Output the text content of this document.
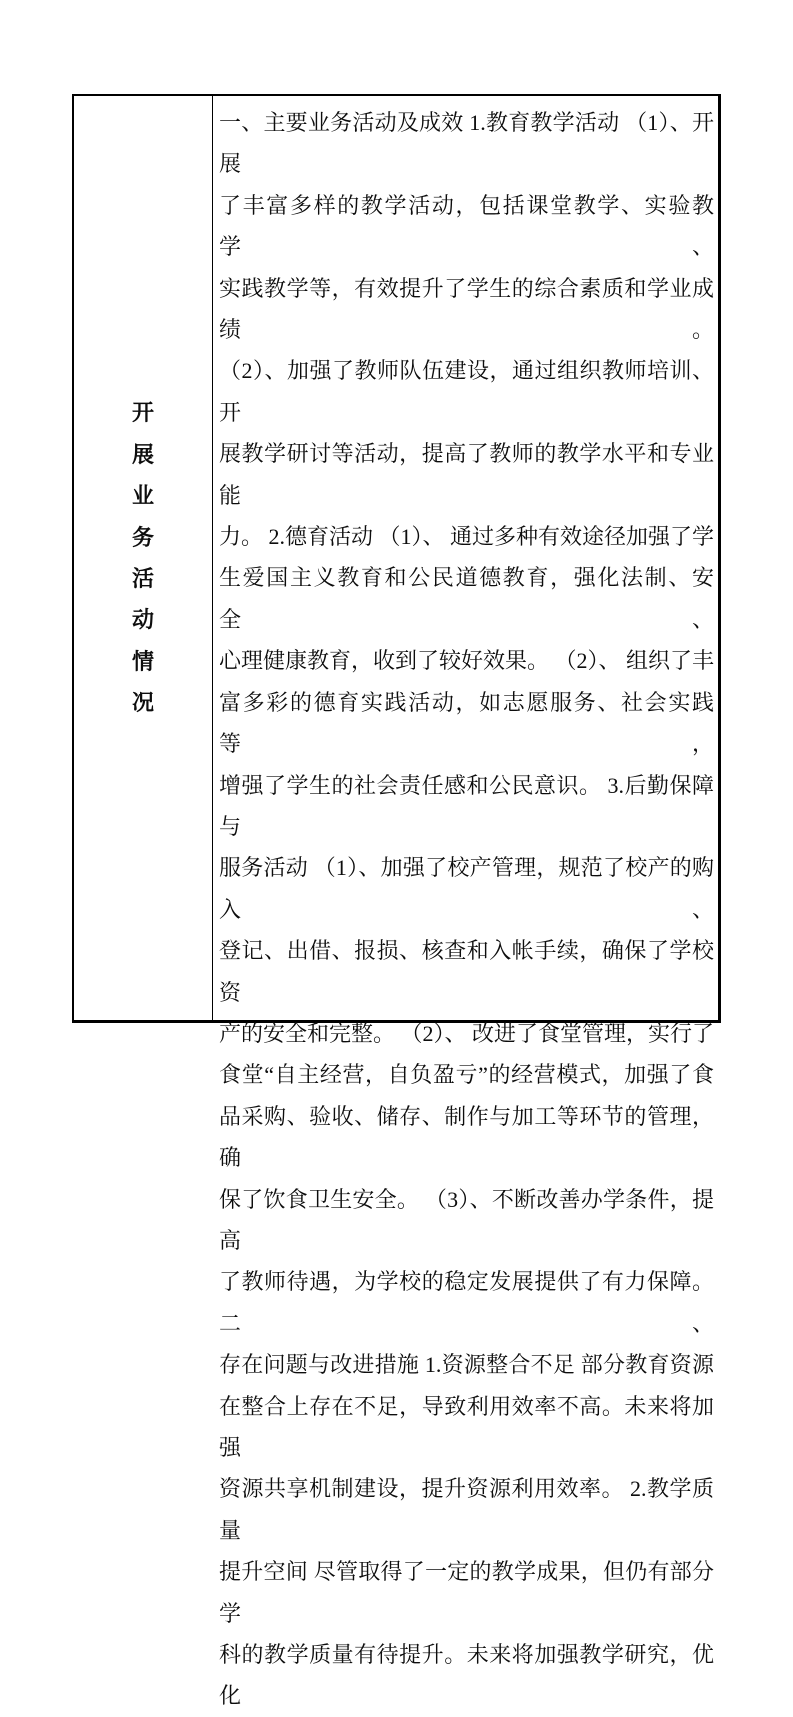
开
展
业
务
活
动
情
况
一、主要业务活动及成效 1.教育教学活动 （1）、开展
了丰富多样的教学活动，包括课堂教学、实验教学、
实践教学等，有效提升了学生的综合素质和学业成绩。
（2）、加强了教师队伍建设，通过组织教师培训、开
展教学研讨等活动，提高了教师的教学水平和专业能
力。 2.德育活动 （1）、 通过多种有效途径加强了学
生爱国主义教育和公民道德教育，强化法制、安全、
心理健康教育，收到了较好效果。 （2）、 组织了丰
富多彩的德育实践活动，如志愿服务、社会实践等，
增强了学生的社会责任感和公民意识。 3.后勤保障与
服务活动 （1）、加强了校产管理，规范了校产的购入、
登记、出借、报损、核查和入帐手续，确保了学校资
产的安全和完整。 （2）、 改进了食堂管理，实行了
食堂“自主经营，自负盈亏”的经营模式，加强了食
品采购、验收、储存、制作与加工等环节的管理，确
保了饮食卫生安全。 （3）、不断改善办学条件，提高
了教师待遇，为学校的稳定发展提供了有力保障。 二、
存在问题与改进措施 1.资源整合不足 部分教育资源
在整合上存在不足，导致利用效率不高。未来将加强
资源共享机制建设，提升资源利用效率。 2.教学质量
提升空间 尽管取得了一定的教学成果，但仍有部分学
科的教学质量有待提升。未来将加强教学研究，优化
